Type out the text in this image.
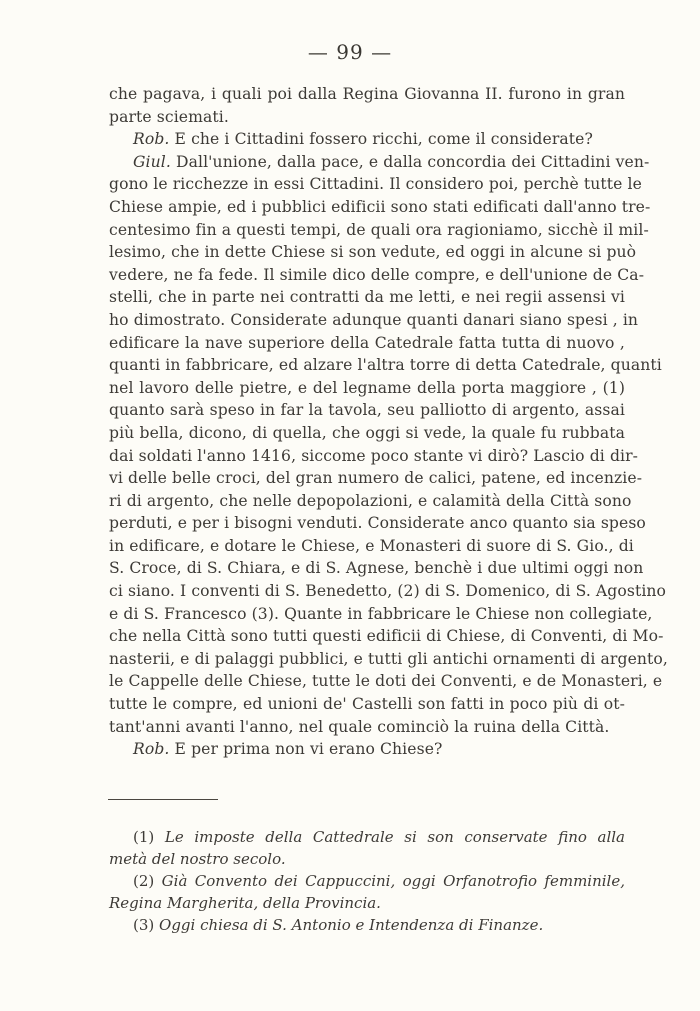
— 99 —
che pagava, i quali poi dalla Regina Giovanna II. furono in gran
parte sciemati.
Rob. E che i Cittadini fossero ricchi, come il considerate?
Giul. Dall'unione, dalla pace, e dalla concordia dei Cittadini ven-
gono le ricchezze in essi Cittadini. Il considero poi, perchè tutte le
Chiese ampie, ed i pubblici edificii sono stati edificati dall'anno tre-
centesimo fin a questi tempi, de quali ora ragioniamo, sicchè il mil-
lesimo, che in dette Chiese si son vedute, ed oggi in alcune si può
vedere, ne fa fede. Il simile dico delle compre, e dell'unione de Ca-
stelli, che in parte nei contratti da me letti, e nei regii assensi vi
ho dimostrato. Considerate adunque quanti danari siano spesi , in
edificare la nave superiore della Catedrale fatta tutta di nuovo ,
quanti in fabbricare, ed alzare l'altra torre di detta Catedrale, quanti
nel lavoro delle pietre, e del legname della porta maggiore , (1)
quanto sarà speso in far la tavola, seu palliotto di argento, assai
più bella, dicono, di quella, che oggi si vede, la quale fu rubbata
dai soldati l'anno 1416, siccome poco stante vi dirò? Lascio di dir-
vi delle belle croci, del gran numero de calici, patene, ed incenzie-
ri di argento, che nelle depopolazioni, e calamità della Città sono
perduti, e per i bisogni venduti. Considerate anco quanto sia speso
in edificare, e dotare le Chiese, e Monasteri di suore di S. Gio., di
S. Croce, di S. Chiara, e di S. Agnese, benchè i due ultimi oggi non
ci siano. I conventi di S. Benedetto, (2) di S. Domenico, di S. Agostino
e di S. Francesco (3). Quante in fabbricare le Chiese non collegiate,
che nella Città sono tutti questi edificii di Chiese, di Conventi, di Mo-
nasterii, e di palaggi pubblici, e tutti gli antichi ornamenti di argento,
le Cappelle delle Chiese, tutte le doti dei Conventi, e de Monasteri, e
tutte le compre, ed unioni de' Castelli son fatti in poco più di ot-
tant'anni avanti l'anno, nel quale cominciò la ruina della Città.
Rob. E per prima non vi erano Chiese?
(1) Le imposte della Cattedrale si son conservate fino alla
metà del nostro secolo.
(2) Già Convento dei Cappuccini, oggi Orfanotrofio femminile,
Regina Margherita, della Provincia.
(3) Oggi chiesa di S. Antonio e Intendenza di Finanze.
